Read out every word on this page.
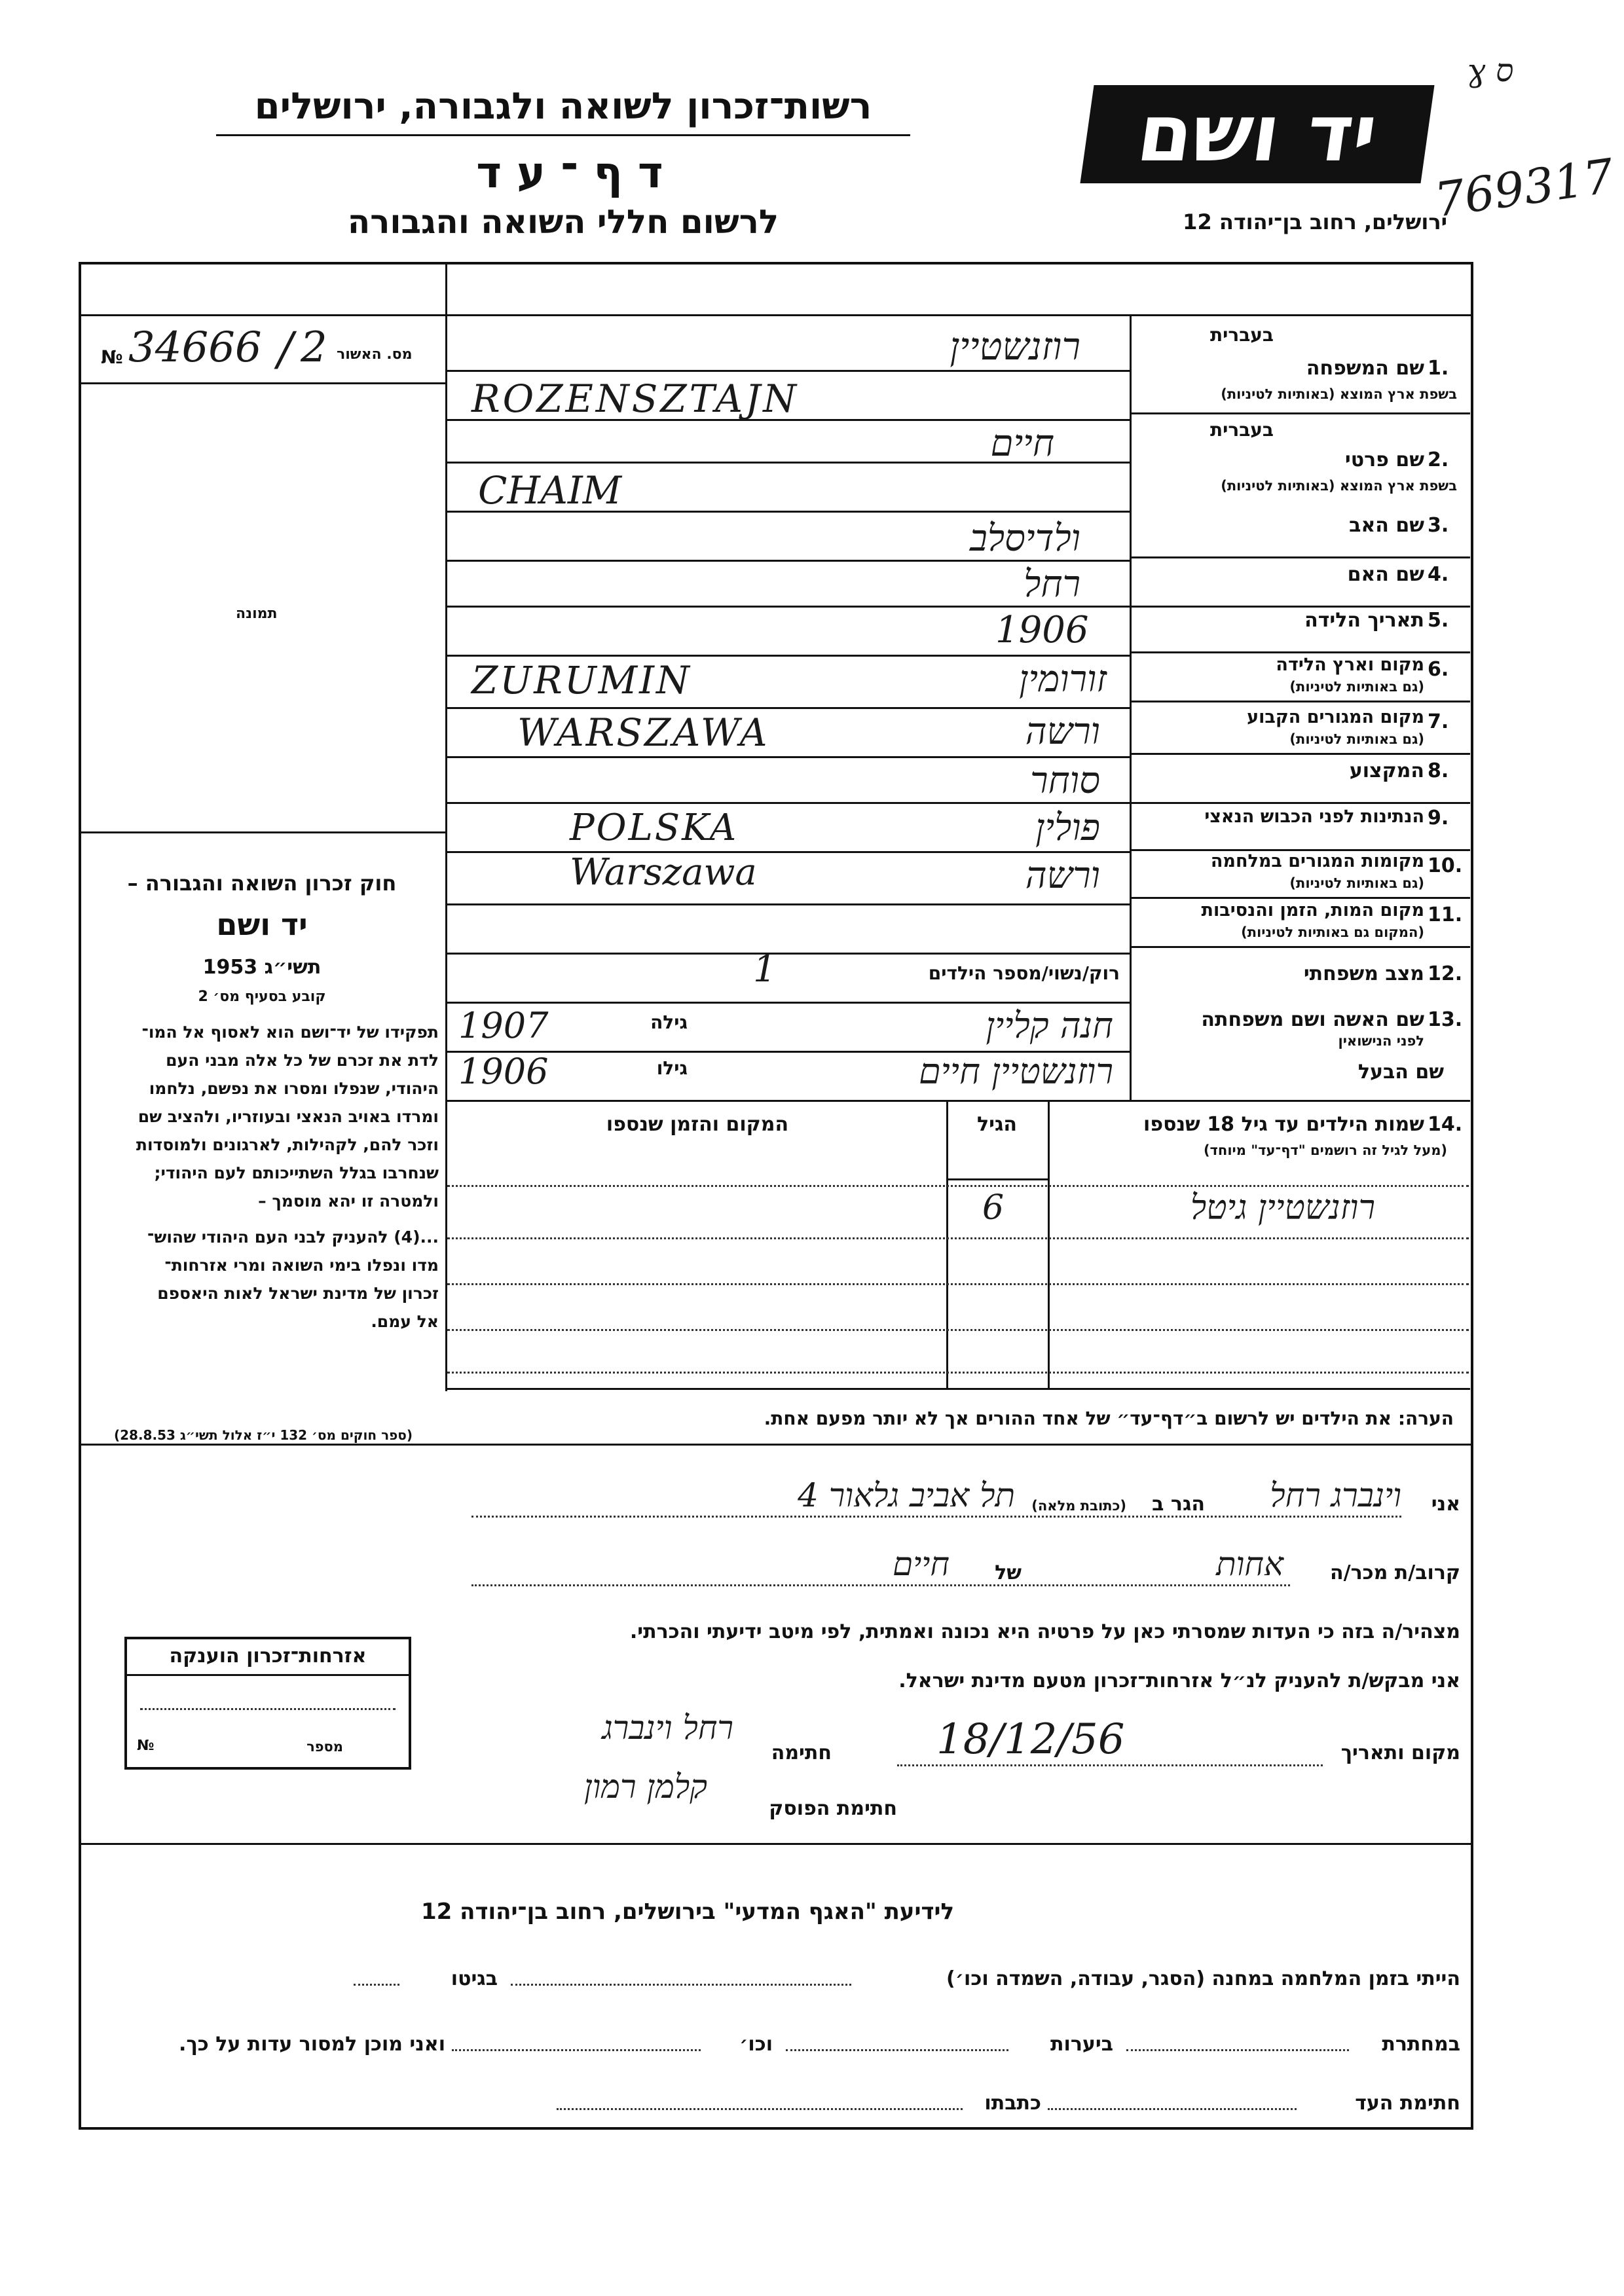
ɣ ס
רשות־זכרון לשואה ולגבורה, ירושלים
ד ף ־ ע ד
לרשום חללי השואה והגבורה
יד ושם
ירושלים, רחוב בן־יהודה 12
769317
№ 34666 / 2 מס. האשור
תמונה
חוק זכרון השואה והגבורה –
יד ושם
תשי״ג 1953
קובע בסעיף מס׳ 2
תפקידו של יד־ושם הוא לאסוף אל המו־
לדת את זכרם של כל אלה מבני העם
היהודי, שנפלו ומסרו את נפשם, נלחמו
ומרדו באויב הנאצי ובעוזריו, ולהציב שם
וזכר להם, לקהילות, לארגונים ולמוסדות
שנחרבו בגלל השתייכותם לעם היהודי;
ולמטרה זו יהא מוסמך –
...(4) להעניק לבני העם היהודי שהוש־
מדו ונפלו בימי השואה ומרי אזרחות־
זכרון של מדינת ישראל לאות היאספם
אל עמם.
(ספר חוקים מס׳ 132 י״ז אלול תשי״ג 28.8.53)
בעברית
1.
שם המשפחה
בשפת ארץ המוצא (באותיות לטיניות)
בעברית
2.
שם פרטי
בשפת ארץ המוצא (באותיות לטיניות)
3.
שם האב
4.
שם האם
5.
תאריך הלידה
6.
מקום וארץ הלידה
(גם באותיות לטיניות)
7.
מקום המגורים הקבוע
(גם באותיות לטיניות)
8.
המקצוע
9.
הנתינות לפני הכבוש הנאצי
10.
מקומות המגורים במלחמה
(גם באותיות לטיניות)
11.
מקום המות, הזמן והנסיבות
(המקום גם באותיות לטיניות)
רוזנשטיין
ROZENSZTAJN
חיים
CHAIM
ולדיסלב
רחל
1906
זורומין
ZURUMIN
ורשה
WARSZAWA
סוחר
פולין
POLSKA
ורשה
Warszawa
12.
מצב משפחתי
רוק/נשוי/מספר הילדים
1
13.
שם האשה ושם משפחתה
לפני הנישואין
חנה קליין
גילה
1907
שם הבעל
רוזנשטיין חיים
גילו
1906
14.
שמות הילדים עד גיל 18 שנספו
(מעל לגיל זה רושמים "דף־עד" מיוחד)
הגיל
המקום והזמן שנספו
רוזנשטיין גיטל
6
הערה: את הילדים יש לרשום ב״דף־עד״ של אחד ההורים אך לא יותר מפעם אחת.
אני
וינברג רחל
הגר ב
(כתובת מלאה)
תל אביב גלאור 4
קרוב/ת מכר/ה
אחות
של
חיים
מצהיר/ה בזה כי העדות שמסרתי כאן על פרטיה היא נכונה ואמתית, לפי מיטב ידיעתי והכרתי.
אני מבקש/ת להעניק לנ״ל אזרחות־זכרון מטעם מדינת ישראל.
אזרחות־זכרון הוענקה
№	מספר	מקום ותאריך
18/12/56
חתימה
רחל וינברג
חתימת הפוסק
קלמן רמון
לידיעת "האגף המדעי" בירושלים, רחוב בן־יהודה 12
הייתי בזמן המלחמה במחנה (הסגר, עבודה, השמדה וכו׳)
בגיטו
במחתרת
ביערות
וכו׳
ואני מוכן למסור עדות על כך.
חתימת העד
כתבתו
